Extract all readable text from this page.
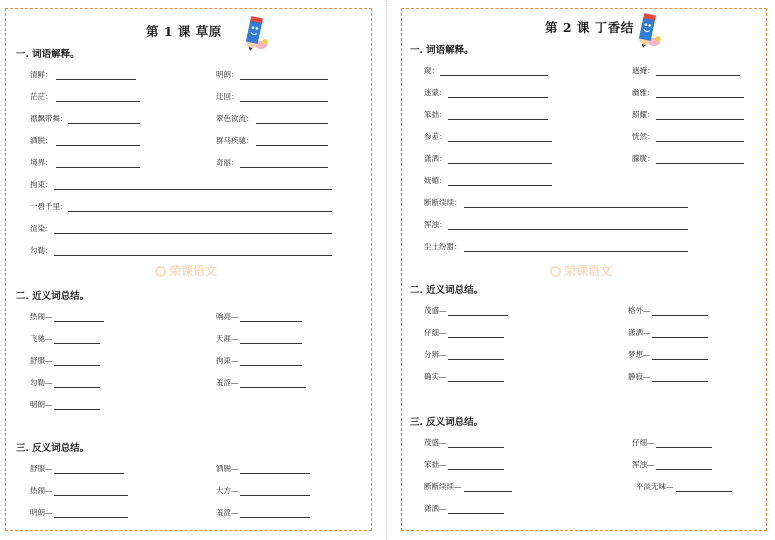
第 1 课 草原
一. 词语解释。
清鲜：	明朗：
茫茫：	迂回：
襟飘带舞：	翠色欲流：
洒脱：	群马疾驰：
境界：	奇丽：
拘束：
一碧千里：
渲染：
勾勒：
荣课语文
二. 近义词总结。
热闹—	响亮—
飞驰—	天涯—
舒服—	拘束—
勾勒—	羞涩—
明朗—
三. 反义词总结。
舒服—	洒脱—
热闹—	大方—
明朗—	羞涩—
第 2 课 丁香结
一. 词语解释。
窥：	遮掩：
迷蒙：	幽雅：
笨拙：	照耀：
参差：	恍然：
潇洒：	朦胧：
妩媚：
断断续续：
浑浊：
尘土纷嚣：
荣课语文
二. 近义词总结。
茂盛—	格外—
仔细—	潇洒—
分辨—	梦想—
确实—	静寂—
三. 反义词总结。
茂盛—	仔细—
笨拙—	浑浊—
断断续续—	平淡无味—
潇洒—
